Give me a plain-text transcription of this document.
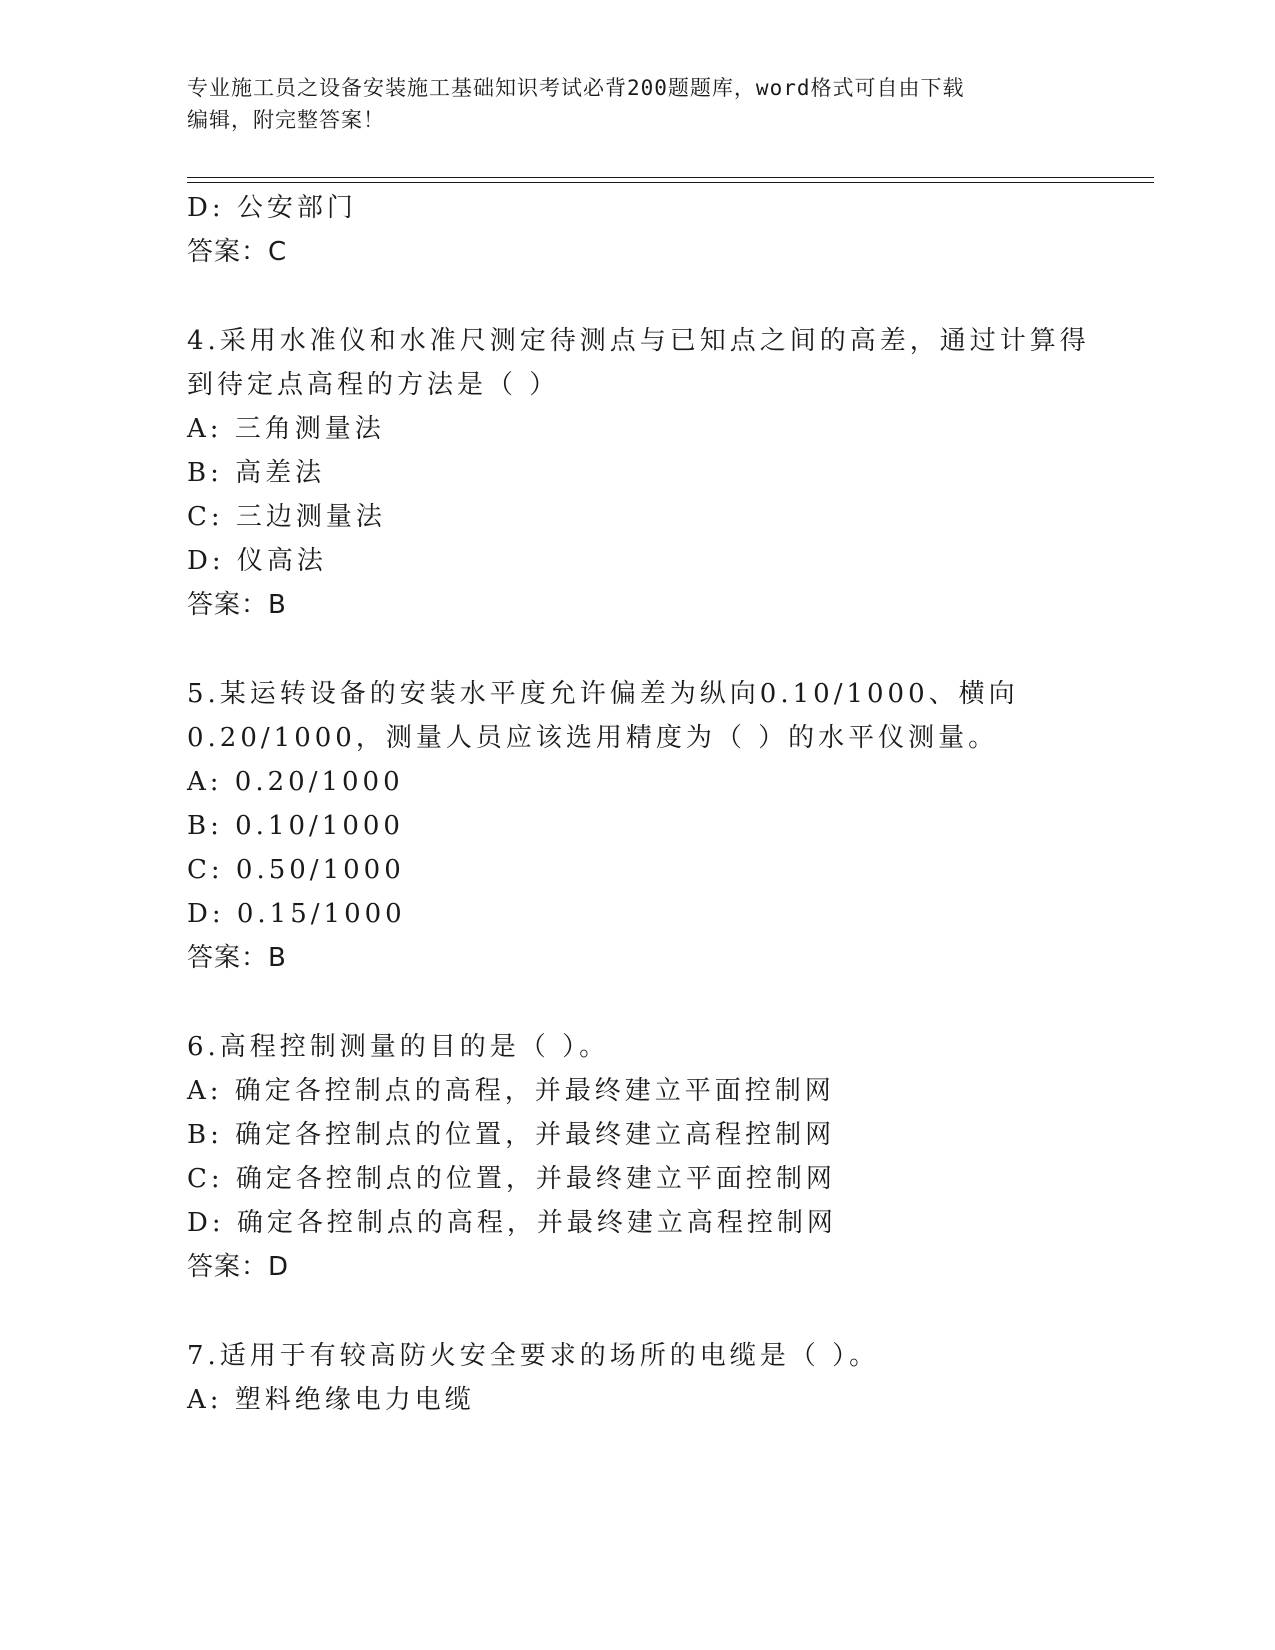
专业施工员之设备安装施工基础知识考试必背200题题库，word格式可自由下载
编辑，附完整答案！
D: 公安部门
答案：C
4.采用水准仪和水准尺测定待测点与已知点之间的高差，通过计算得
到待定点高程的方法是（ ）
A: 三角测量法
B: 高差法
C: 三边测量法
D: 仪高法
答案：B
5.某运转设备的安装水平度允许偏差为纵向0.10/1000、横向
0.20/1000，测量人员应该选用精度为（ ）的水平仪测量。
A: 0.20/1000
B: 0.10/1000
C: 0.50/1000
D: 0.15/1000
答案：B
6.高程控制测量的目的是（ ）。
A: 确定各控制点的高程，并最终建立平面控制网
B: 确定各控制点的位置，并最终建立高程控制网
C: 确定各控制点的位置，并最终建立平面控制网
D: 确定各控制点的高程，并最终建立高程控制网
答案：D
7.适用于有较高防火安全要求的场所的电缆是（ ）。
A: 塑料绝缘电力电缆
